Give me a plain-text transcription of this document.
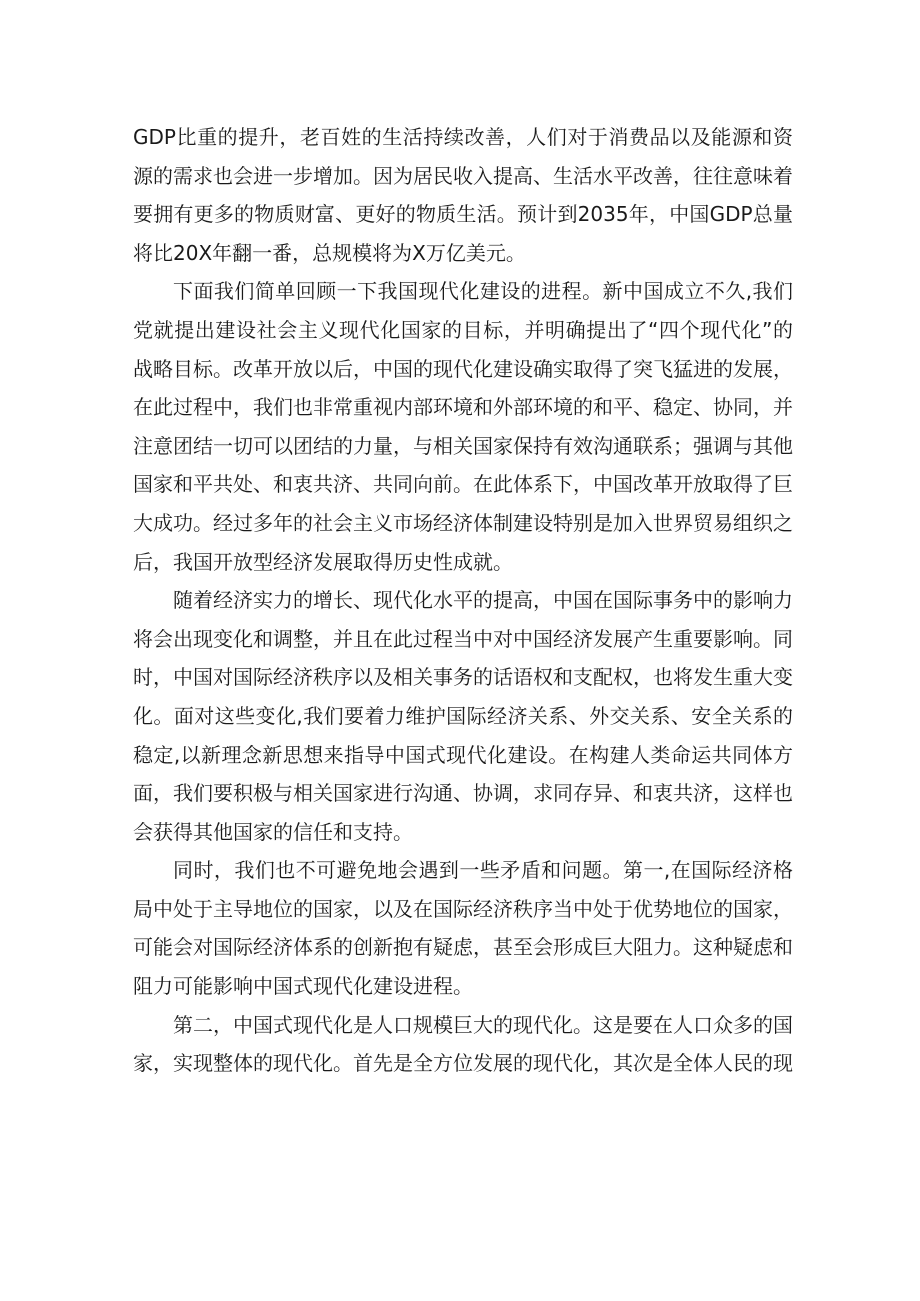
GDP比重的提升，老百姓的生活持续改善，人们对于消费品以及能源和资源的需求也会进一步增加。因为居民收入提高、生活水平改善，往往意味着要拥有更多的物质财富、更好的物质生活。预计到2035年，中国GDP总量将比20X年翻一番，总规模将为X万亿美元。

下面我们简单回顾一下我国现代化建设的进程。新中国成立不久,我们党就提出建设社会主义现代化国家的目标，并明确提出了“四个现代化”的战略目标。改革开放以后，中国的现代化建设确实取得了突飞猛进的发展，在此过程中，我们也非常重视内部环境和外部环境的和平、稳定、协同，并注意团结一切可以团结的力量，与相关国家保持有效沟通联系；强调与其他国家和平共处、和衷共济、共同向前。在此体系下，中国改革开放取得了巨大成功。经过多年的社会主义市场经济体制建设特别是加入世界贸易组织之后，我国开放型经济发展取得历史性成就。

随着经济实力的增长、现代化水平的提高，中国在国际事务中的影响力将会出现变化和调整，并且在此过程当中对中国经济发展产生重要影响。同时，中国对国际经济秩序以及相关事务的话语权和支配权，也将发生重大变化。面对这些变化,我们要着力维护国际经济关系、外交关系、安全关系的稳定,以新理念新思想来指导中国式现代化建设。在构建人类命运共同体方面，我们要积极与相关国家进行沟通、协调，求同存异、和衷共济，这样也会获得其他国家的信任和支持。

同时，我们也不可避免地会遇到一些矛盾和问题。第一,在国际经济格局中处于主导地位的国家，以及在国际经济秩序当中处于优势地位的国家，可能会对国际经济体系的创新抱有疑虑，甚至会形成巨大阻力。这种疑虑和阻力可能影响中国式现代化建设进程。

第二，中国式现代化是人口规模巨大的现代化。这是要在人口众多的国家，实现整体的现代化。首先是全方位发展的现代化，其次是全体人民的现
